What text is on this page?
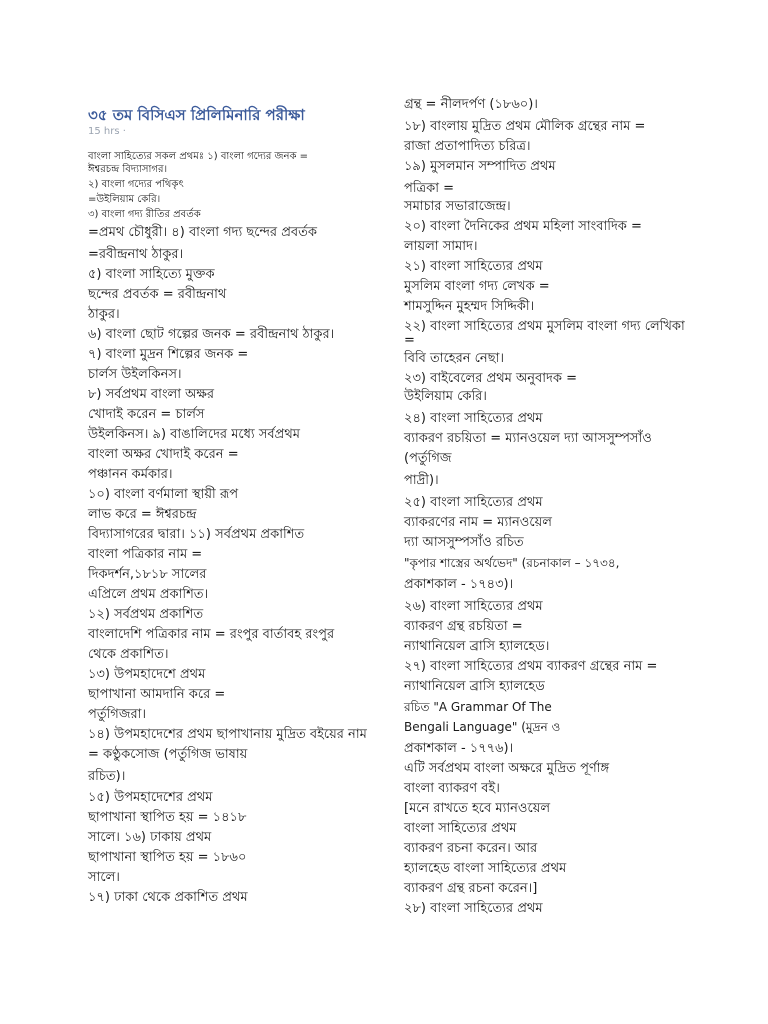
৩৫ তম বিসিএস প্রিলিমিনারি পরীক্ষা
15 hrs ·
বাংলা সাহিত্যের সকল প্রথমঃ ১) বাংলা গদ্যের জনক =
ঈশ্বরচন্দ্র বিদ্যাসাগর।
২) বাংলা গদ্যের পথিকৃৎ
=উইলিয়াম কেরি।
৩) বাংলা গদ্য রীতির প্রবর্তক
=প্রমথ চৌধুরী। ৪) বাংলা গদ্য ছন্দের প্রবর্তক
=রবীন্দ্রনাথ ঠাকুর।
৫) বাংলা সাহিত্যে মুক্তক
ছন্দের প্রবর্তক = রবীন্দ্রনাথ
ঠাকুর।
৬) বাংলা ছোট গল্পের জনক = রবীন্দ্রনাথ ঠাকুর।
৭) বাংলা মুদ্রন শিল্পের জনক =
চার্লস উইলকিনস।
৮) সর্বপ্রথম বাংলা অক্ষর
খোদাই করেন = চার্লস
উইলকিনস। ৯) বাঙালিদের মধ্যে সর্বপ্রথম
বাংলা অক্ষর খোদাই করেন =
পঞ্চানন কর্মকার।
১০) বাংলা বর্ণমালা স্থায়ী রূপ
লাভ করে = ঈশ্বরচন্দ্র
বিদ্যাসাগরের দ্বারা। ১১) সর্বপ্রথম প্রকাশিত
বাংলা পত্রিকার নাম =
দিকদর্শন,১৮১৮ সালের
এপ্রিলে প্রথম প্রকাশিত।
১২) সর্বপ্রথম প্রকাশিত
বাংলাদেশি পত্রিকার নাম = রংপুর বার্তাবহ রংপুর
থেকে প্রকাশিত।
১৩) উপমহাদেশে প্রথম
ছাপাখানা আমদানি করে =
পর্তুগিজরা।
১৪) উপমহাদেশের প্রথম ছাপাখানায় মুদ্রিত বইয়ের নাম
= কণ্ঠুকসোজ (পর্তুগিজ ভাষায়
রচিত)।
১৫) উপমহাদেশের প্রথম
ছাপাখানা স্থাপিত হয় = ১৪১৮
সালে। ১৬) ঢাকায় প্রথম
ছাপাখানা স্থাপিত হয় = ১৮৬০
সালে।
১৭) ঢাকা থেকে প্রকাশিত প্রথম
গ্রন্থ = নীলদর্পণ (১৮৬০)।
১৮) বাংলায় মুদ্রিত প্রথম মৌলিক গ্রন্থের নাম =
রাজা প্রতাপাদিত্য চরিত্র।
১৯) মুসলমান সম্পাদিত প্রথম
পত্রিকা =
সমাচার সভারাজেন্দ্র।
২০) বাংলা দৈনিকের প্রথম মহিলা সাংবাদিক =
লায়লা সামাদ।
২১) বাংলা সাহিত্যের প্রথম
মুসলিম বাংলা গদ্য লেখক =
শামসুদ্দিন মুহম্মদ সিদ্দিকী।
২২) বাংলা সাহিত্যের প্রথম মুসলিম বাংলা গদ্য লেখিকা
=
বিবি তাহেরন নেছা।
২৩) বাইবেলের প্রথম অনুবাদক =
উইলিয়াম কেরি।
২৪) বাংলা সাহিত্যের প্রথম
ব্যাকরণ রচয়িতা = ম্যানওয়েল দ্যা আসসুম্পসাঁও
(পর্তুগিজ
পাদ্রী)।
২৫) বাংলা সাহিত্যের প্রথম
ব্যাকরণের নাম = ম্যানওয়েল
দ্যা আসসুম্পসাঁও রচিত
"কৃপার শাস্ত্রের অর্থভেদ" (রচনাকাল – ১৭৩৪,
প্রকাশকাল - ১৭৪৩)।
২৬) বাংলা সাহিত্যের প্রথম
ব্যাকরণ গ্রন্থ রচয়িতা =
ন্যাথানিয়েল ব্রাসি হ্যালহেড।
২৭) বাংলা সাহিত্যের প্রথম ব্যাকরণ গ্রন্থের নাম =
ন্যাথানিয়েল ব্রাসি হ্যালহেড
রচিত "A Grammar Of The
Bengali Language" (মুদ্রন ও
প্রকাশকাল - ১৭৭৬)।
এটি সর্বপ্রথম বাংলা অক্ষরে মুদ্রিত পূর্ণাঙ্গ
বাংলা ব্যাকরণ বই।
[মনে রাখতে হবে ম্যানওয়েল
বাংলা সাহিত্যের প্রথম
ব্যাকরণ রচনা করেন। আর
হ্যালহেড বাংলা সাহিত্যের প্রথম
ব্যাকরণ গ্রন্থ রচনা করেন।]
২৮) বাংলা সাহিত্যের প্রথম
